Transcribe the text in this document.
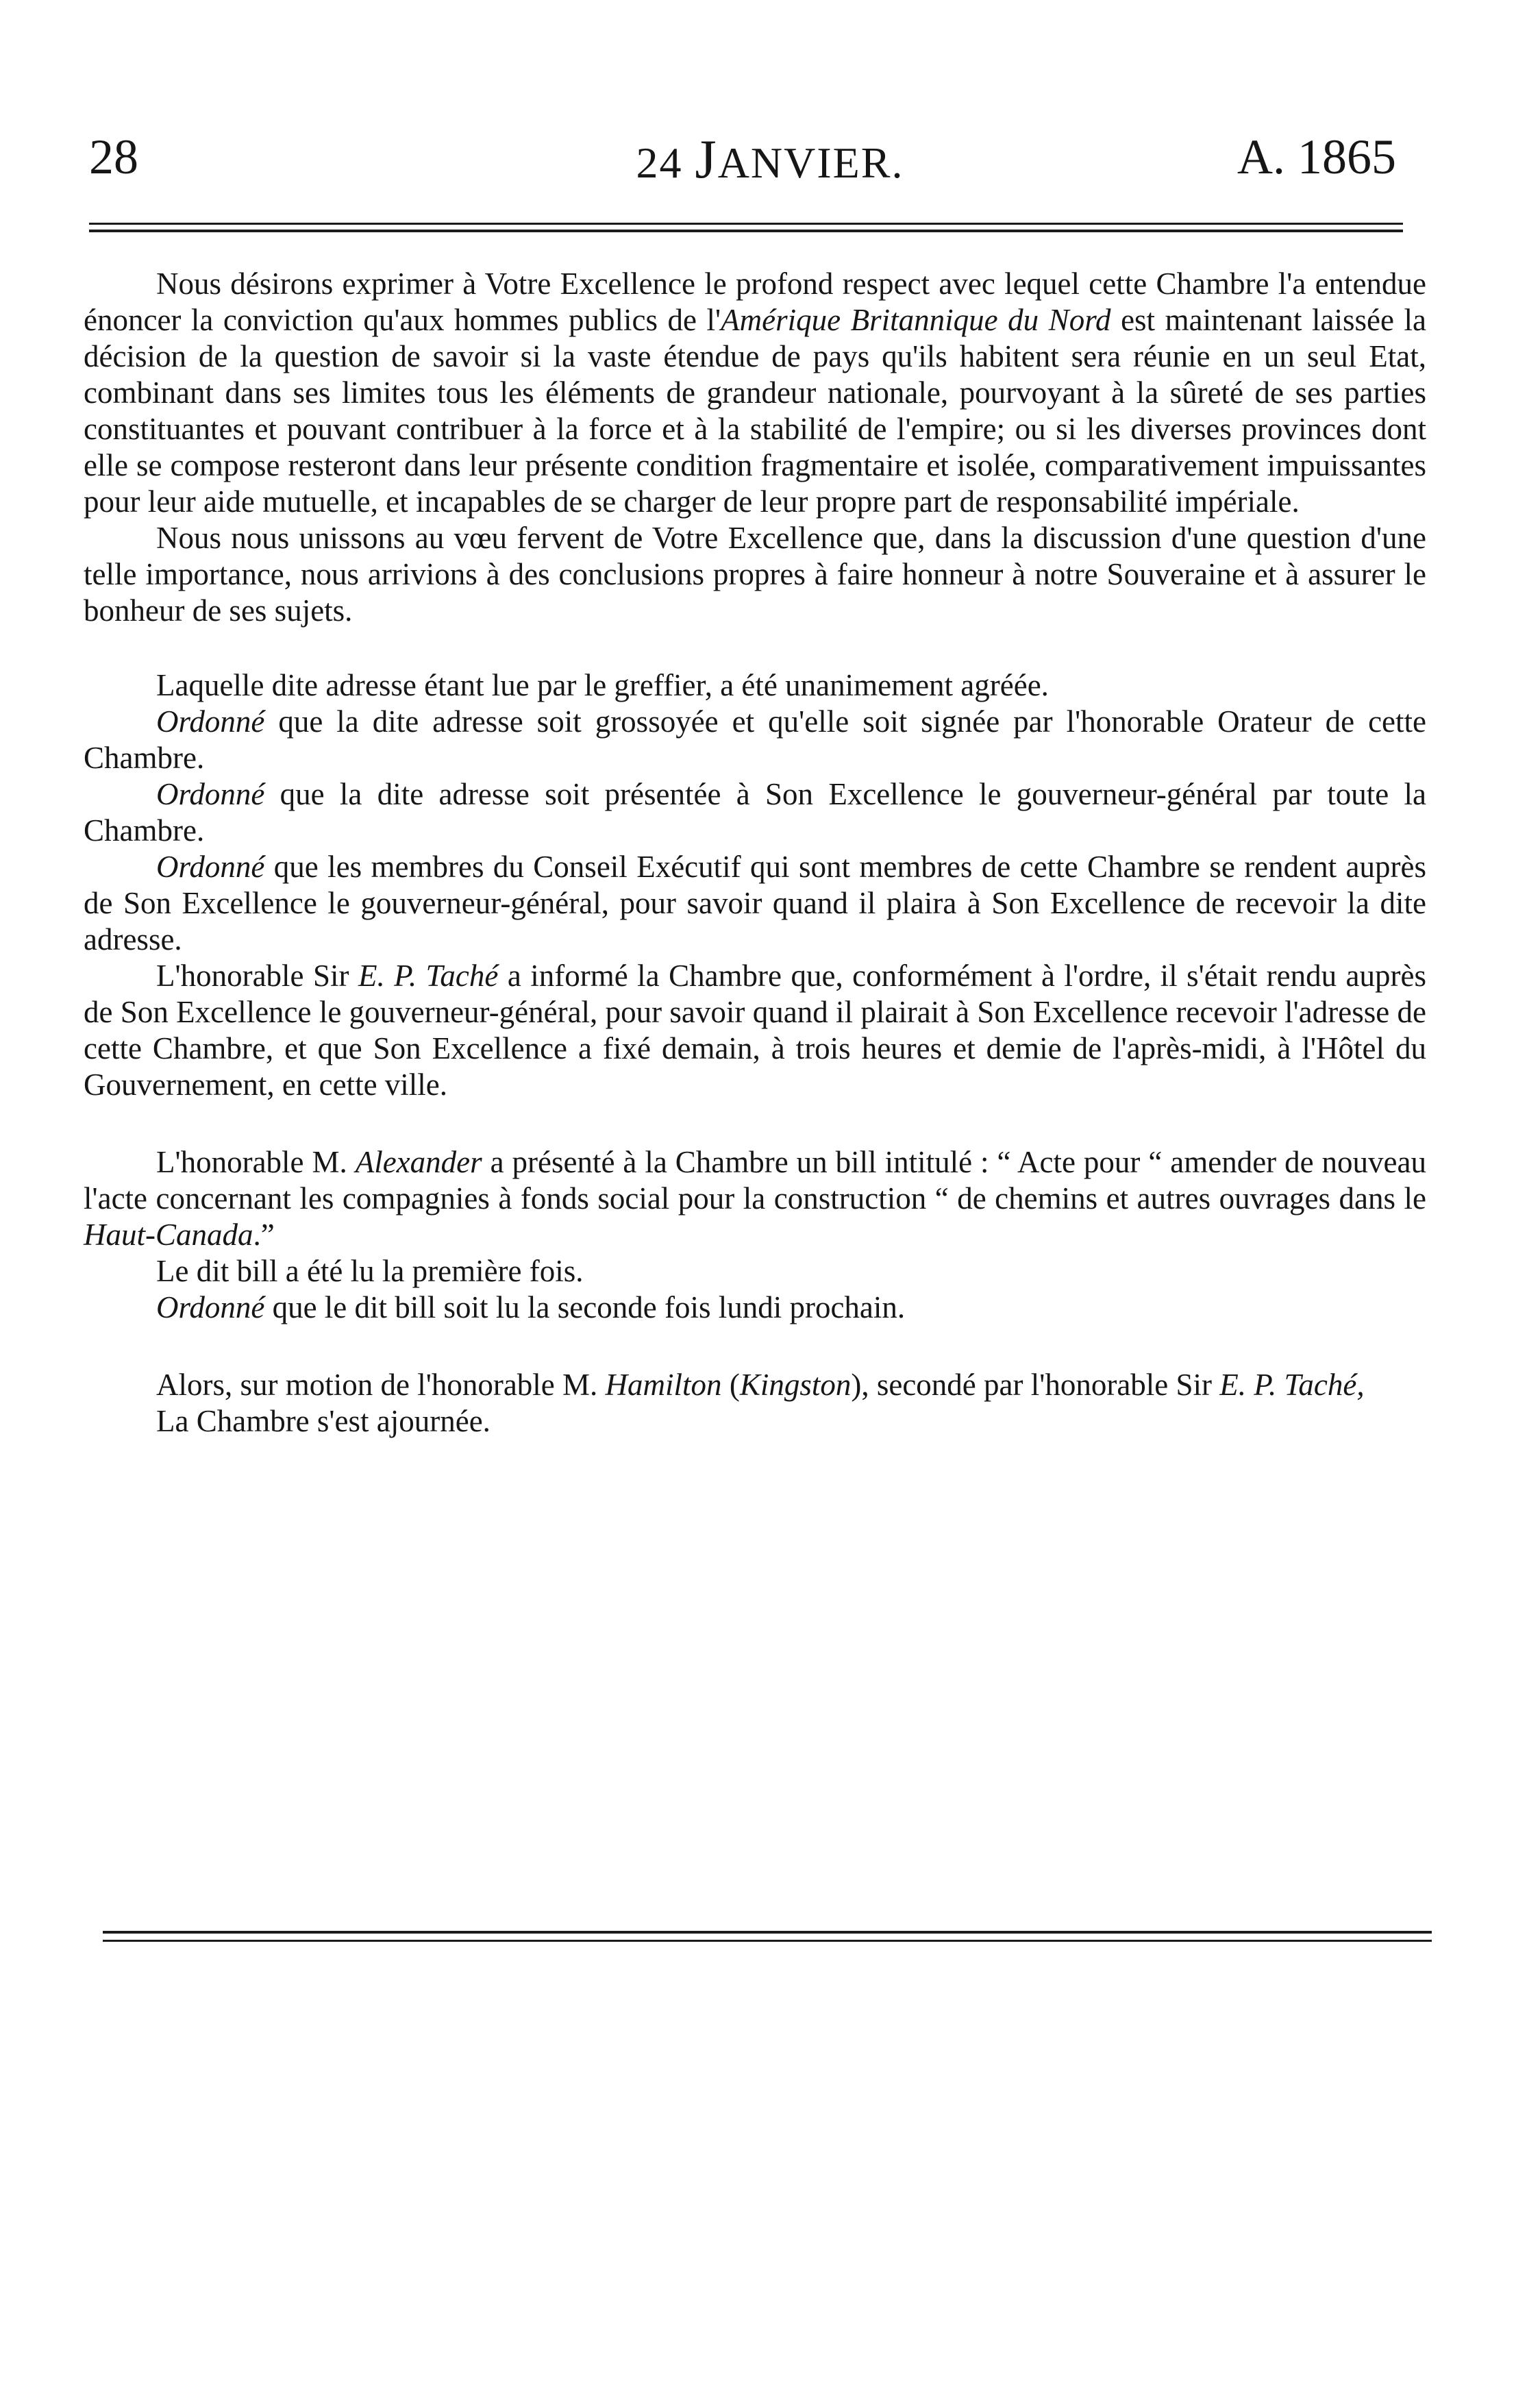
28	24 JANVIER.	A. 1865

Nous désirons exprimer à Votre Excellence le profond respect avec lequel cette Chambre l'a entendue énoncer la conviction qu'aux hommes publics de l'Amérique Britannique du Nord est maintenant laissée la décision de la question de savoir si la vaste étendue de pays qu'ils habitent sera réunie en un seul Etat, combinant dans ses limites tous les éléments de grandeur nationale, pourvoyant à la sûreté de ses parties constituantes et pouvant contribuer à la force et à la stabilité de l'empire; ou si les diverses provinces dont elle se compose resteront dans leur présente condition fragmentaire et isolée, comparativement impuissantes pour leur aide mutuelle, et incapables de se charger de leur propre part de responsabilité impériale.

Nous nous unissons au vœu fervent de Votre Excellence que, dans la discussion d'une question d'une telle importance, nous arrivions à des conclusions propres à faire honneur à notre Souveraine et à assurer le bonheur de ses sujets.

Laquelle dite adresse étant lue par le greffier, a été unanimement agréée.

Ordonné que la dite adresse soit grossoyée et qu'elle soit signée par l'honorable Orateur de cette Chambre.

Ordonné que la dite adresse soit présentée à Son Excellence le gouverneur-général par toute la Chambre.

Ordonné que les membres du Conseil Exécutif qui sont membres de cette Chambre se rendent auprès de Son Excellence le gouverneur-général, pour savoir quand il plaira à Son Excellence de recevoir la dite adresse.

L'honorable Sir E. P. Taché a informé la Chambre que, conformément à l'ordre, il s'était rendu auprès de Son Excellence le gouverneur-général, pour savoir quand il plairait à Son Excellence recevoir l'adresse de cette Chambre, et que Son Excellence a fixé demain, à trois heures et demie de l'après-midi, à l'Hôtel du Gouvernement, en cette ville.

L'honorable M. Alexander a présenté à la Chambre un bill intitulé : “ Acte pour “ amender de nouveau l'acte concernant les compagnies à fonds social pour la construction “ de chemins et autres ouvrages dans le Haut-Canada.”

Le dit bill a été lu la première fois.

Ordonné que le dit bill soit lu la seconde fois lundi prochain.

Alors, sur motion de l'honorable M. Hamilton (Kingston), secondé par l'honorable Sir E. P. Taché,

La Chambre s'est ajournée.
